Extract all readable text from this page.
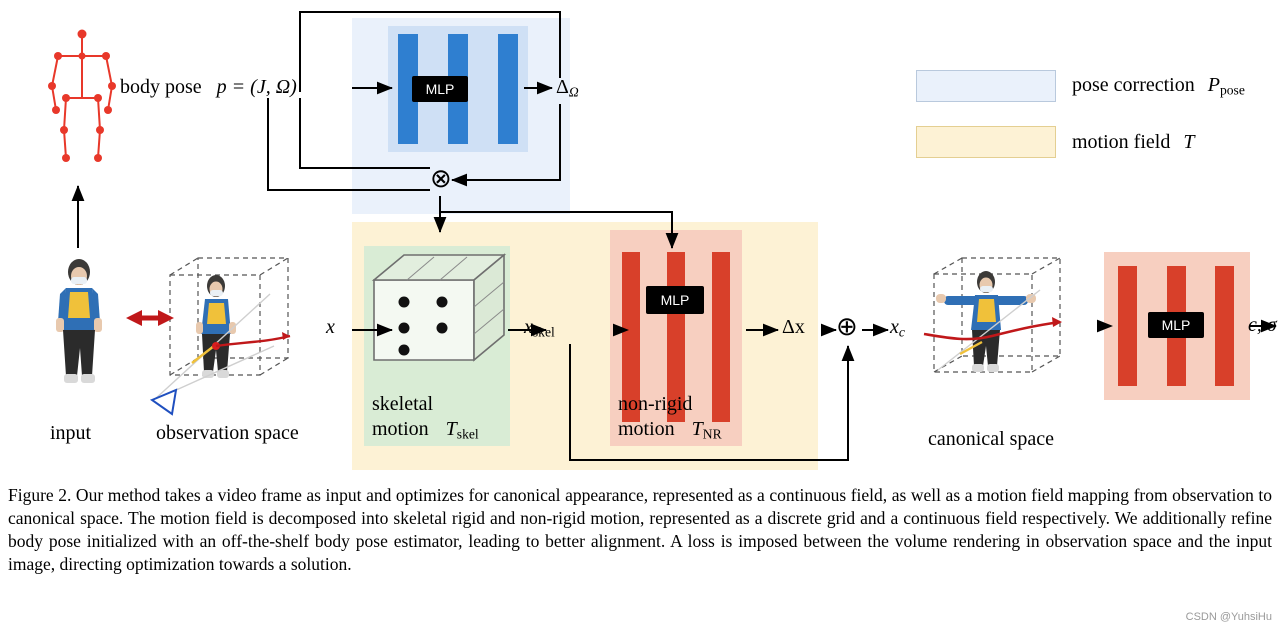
MLP
MLP
MLP
body pose p = (J, Ω)	$\Delta_\Omega$
⊗
x	$x_{skel}$	Δx ⊕ $x_c$	c, σ
input	observation space	canonical space
skeletal
motion $T_{skel}$
non-rigid
motion $T_{NR}$
pose correction $P_{pose}$
motion field T
Figure 2. Our method takes a video frame as input and optimizes for canonical appearance, represented as a continuous field, as well as a motion field mapping from observation to canonical space. The motion field is decomposed into skeletal rigid and non-rigid motion, represented as a discrete grid and a continuous field respectively. We additionally refine body pose initialized with an off-the-shelf body pose estimator, leading to better alignment. A loss is imposed between the volume rendering in observation space and the input image, directing optimization towards a solution.
CSDN @YuhsiHu
